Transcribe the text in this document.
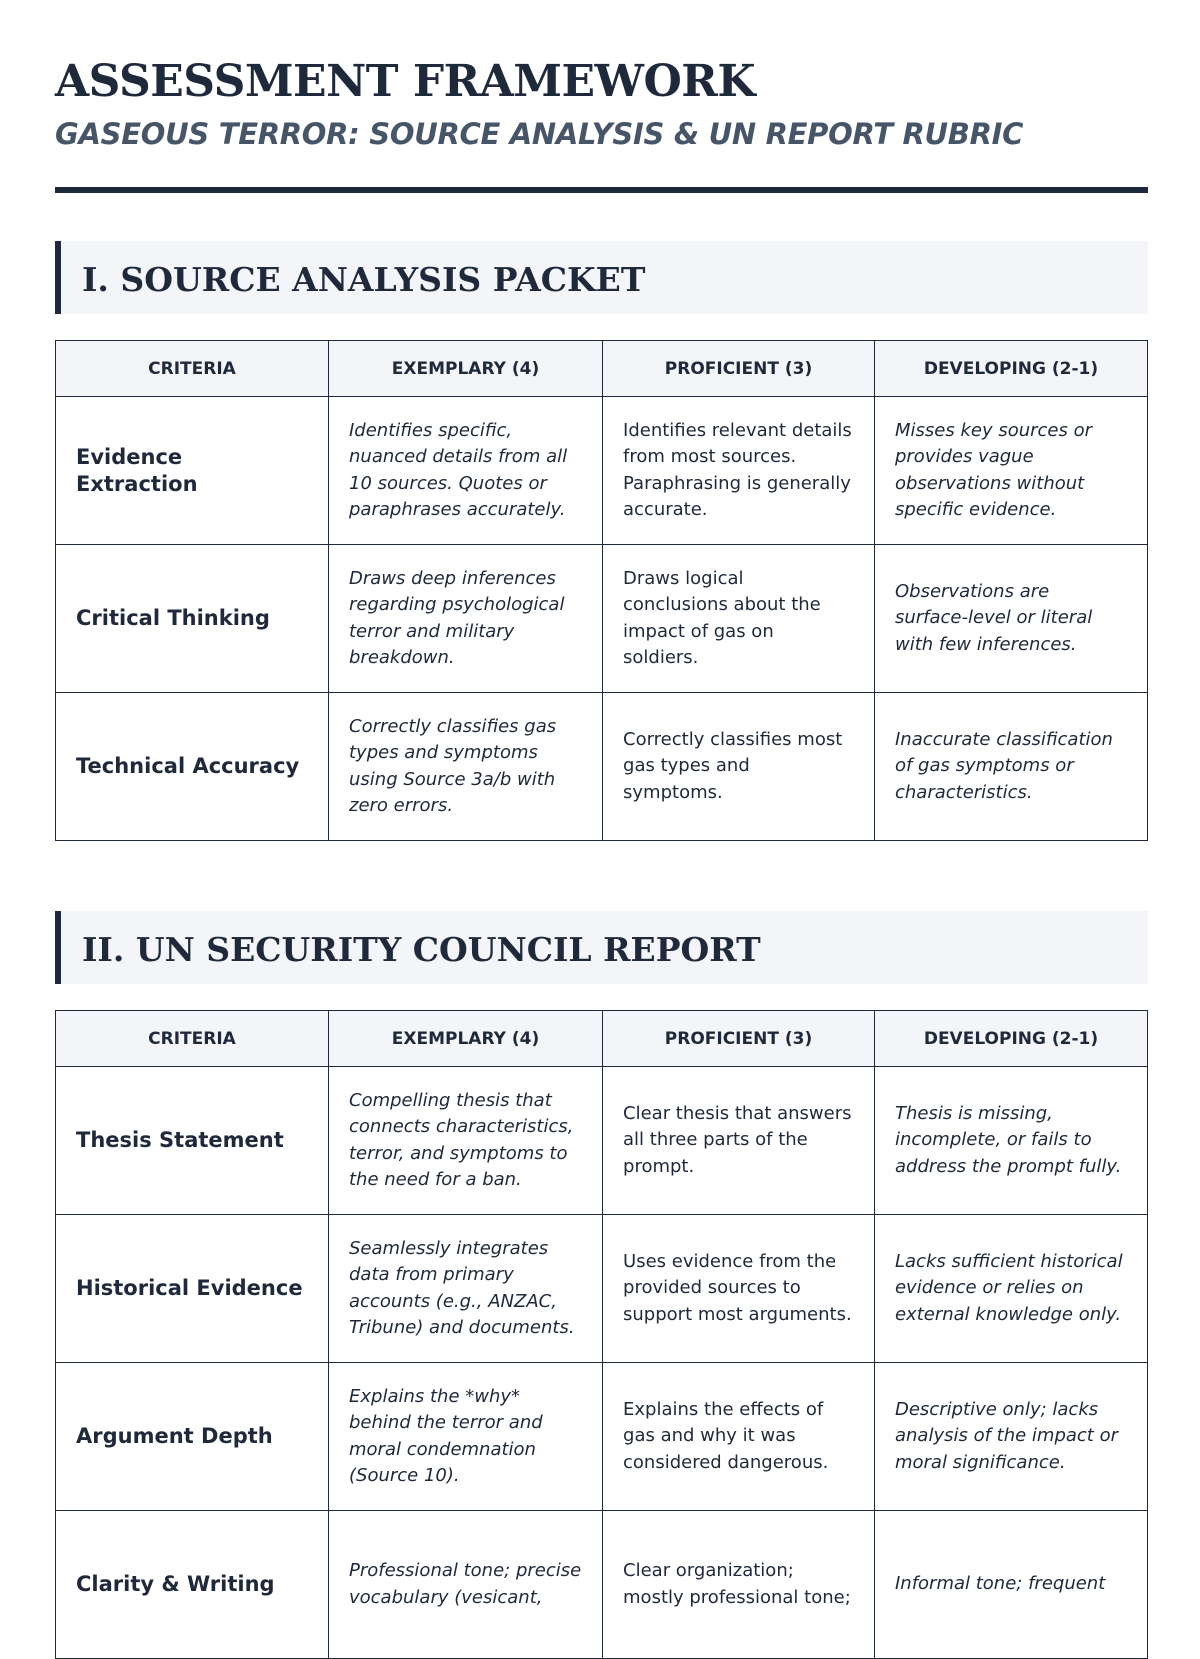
ASSESSMENT FRAMEWORK
GASEOUS TERROR: SOURCE ANALYSIS & UN REPORT RUBRIC
I. SOURCE ANALYSIS PACKET
CRITERIA	EXEMPLARY (4)	PROFICIENT (3)	DEVELOPING (2-1)
Evidence Extraction	Identifies specific, nuanced details from all 10 sources. Quotes or paraphrases accurately.	Identifies relevant details from most sources. Paraphrasing is generally accurate.	Misses key sources or provides vague observations without specific evidence.
Critical Thinking	Draws deep inferences regarding psychological terror and military breakdown.	Draws logical conclusions about the impact of gas on soldiers.	Observations are surface-level or literal with few inferences.
Technical Accuracy	Correctly classifies gas types and symptoms using Source 3a/b with zero errors.	Correctly classifies most gas types and symptoms.	Inaccurate classification of gas symptoms or characteristics.
II. UN SECURITY COUNCIL REPORT
CRITERIA	EXEMPLARY (4)	PROFICIENT (3)	DEVELOPING (2-1)
Thesis Statement	Compelling thesis that connects characteristics, terror, and symptoms to the need for a ban.	Clear thesis that answers all three parts of the prompt.	Thesis is missing, incomplete, or fails to address the prompt fully.
Historical Evidence	Seamlessly integrates data from primary accounts (e.g., ANZAC, Tribune) and documents.	Uses evidence from the provided sources to support most arguments.	Lacks sufficient historical evidence or relies on external knowledge only.
Argument Depth	Explains the *why* behind the terror and moral condemnation (Source 10).	Explains the effects of gas and why it was considered dangerous.	Descriptive only; lacks analysis of the impact or moral significance.
Clarity & Writing	Professional tone; precise vocabulary (vesicant,	Clear organization; mostly professional tone;	Informal tone; frequent
